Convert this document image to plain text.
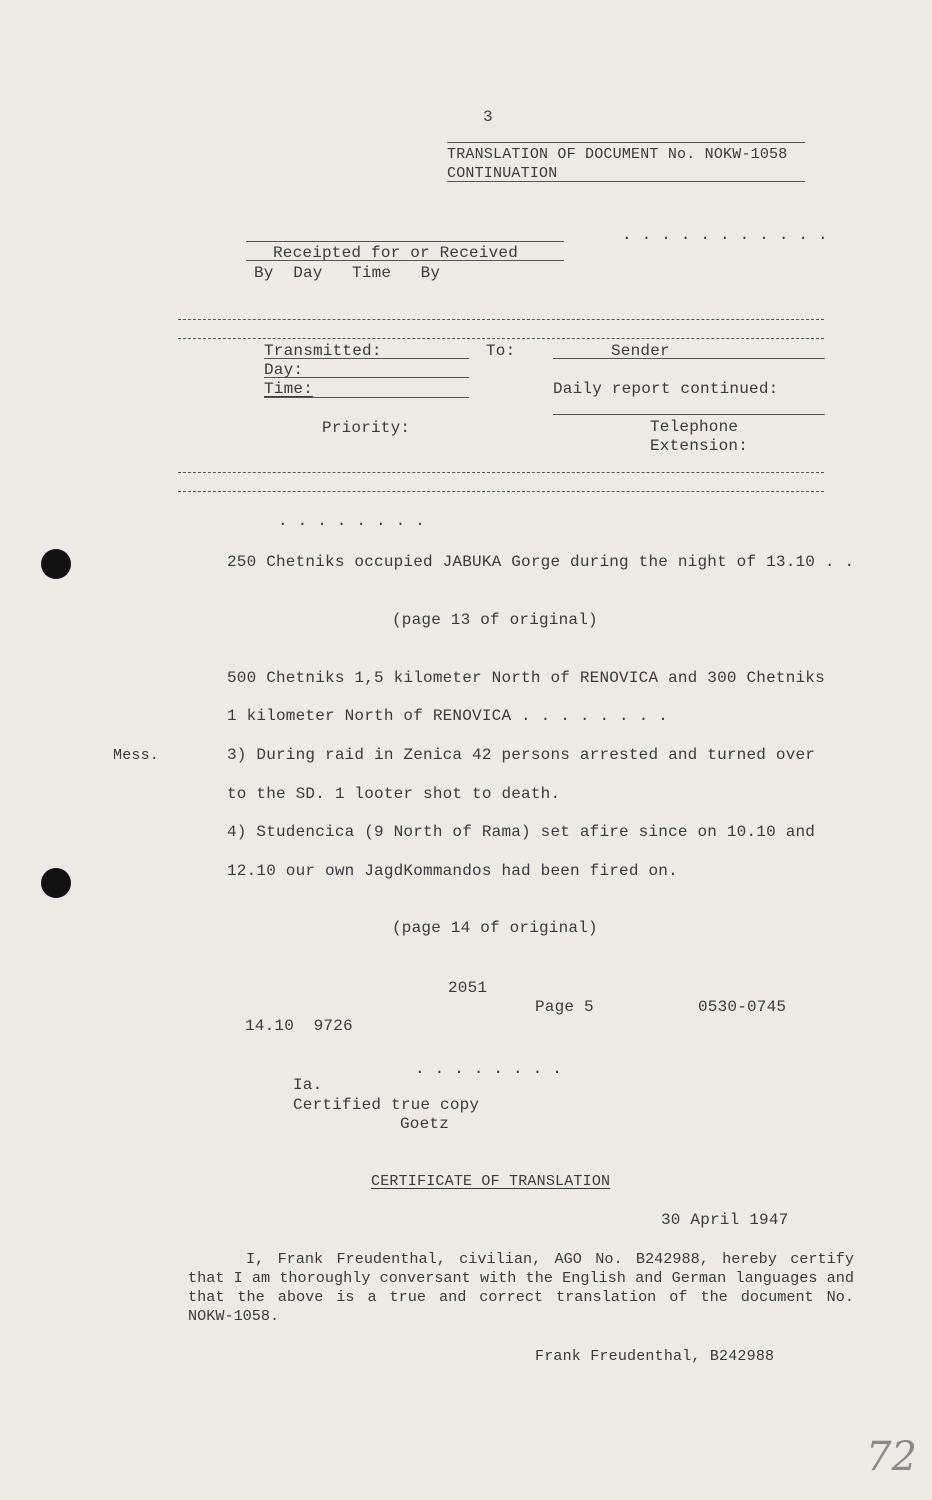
3
TRANSLATION OF DOCUMENT No. NOKW-1058
CONTINUATION
. . . . . . . . . . .
Receipted for or Received
By  Day   Time   By
Transmitted:	To:	Sender
Day:
Time:	Daily report continued:
Priority:	Telephone
Extension:
. . . . . . . .
250 Chetniks occupied JABUKA Gorge during the night of 13.10 . .
(page 13 of original)
500 Chetniks 1,5 kilometer North of RENOVICA and 300 Chetniks
1 kilometer North of RENOVICA . . . . . . . .
Mess.	3) During raid in Zenica 42 persons arrested and turned over
to the SD. 1 looter shot to death.
4) Studencica (9 North of Rama) set afire since on 10.10 and
12.10 our own JagdKommandos had been fired on.
(page 14 of original)
2051
Page 5	0530-0745
14.10  9726
. . . . . . . .
Ia.
Certified true copy
Goetz
CERTIFICATE OF TRANSLATION
30 April 1947
I, Frank Freudenthal, civilian, AGO No. B242988, hereby certify that I am thoroughly conversant with the English and German languages and that the above is a true and correct translation of the document No. NOKW-1058.
Frank Freudenthal, B242988
72
